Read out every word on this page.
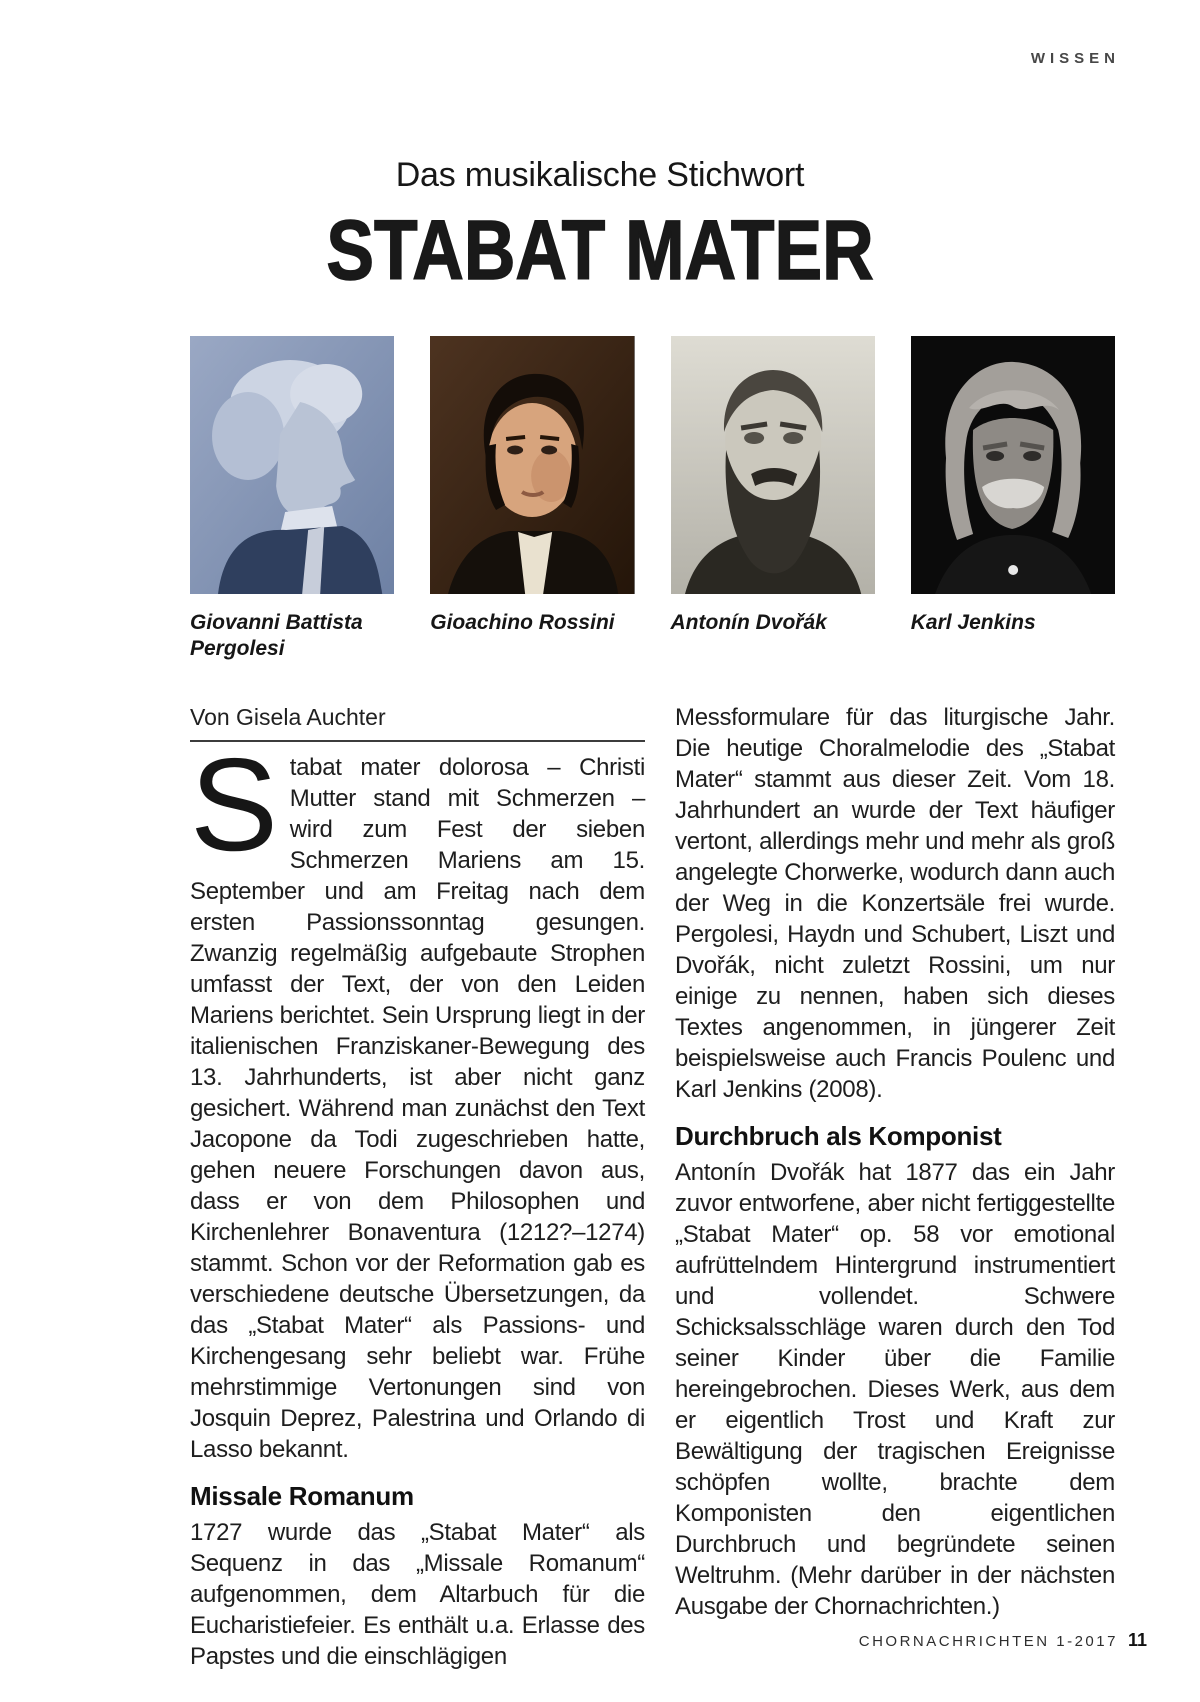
WISSEN
Das musikalische Stichwort
STABAT MATER
Giovanni Battista Pergolesi
Gioachino Rossini	Antonín Dvořák	Karl Jenkins
Von Gisela Auchter

Stabat mater dolorosa – Christi Mutter stand mit Schmerzen – wird zum Fest der sieben Schmerzen Mariens am 15. September und am Freitag nach dem ersten Passionssonntag gesungen. Zwanzig regelmäßig aufgebaute Strophen umfasst der Text, der von den Leiden Mariens berichtet. Sein Ursprung liegt in der italienischen Franziskaner-Bewegung des 13. Jahrhunderts, ist aber nicht ganz gesichert. Während man zunächst den Text Jacopone da Todi zugeschrieben hatte, gehen neuere Forschungen davon aus, dass er von dem Philosophen und Kirchenlehrer Bonaventura (1212?–1274) stammt. Schon vor der Reformation gab es verschiedene deutsche Übersetzungen, da das „Stabat Mater“ als Passions- und Kirchengesang sehr beliebt war. Frühe mehrstimmige Vertonungen sind von Josquin Deprez, Palestrina und Orlando di Lasso bekannt.

Missale Romanum

1727 wurde das „Stabat Mater“ als Sequenz in das „Missale Romanum“ aufgenommen, dem Altarbuch für die Eucharistiefeier. Es enthält u.a. Erlasse des Papstes und die einschlägigen

Messformulare für das liturgische Jahr. Die heutige Choralmelodie des „Stabat Mater“ stammt aus dieser Zeit. Vom 18. Jahrhundert an wurde der Text häufiger vertont, allerdings mehr und mehr als groß angelegte Chorwerke, wodurch dann auch der Weg in die Konzertsäle frei wurde. Pergolesi, Haydn und Schubert, Liszt und Dvořák, nicht zuletzt Rossini, um nur einige zu nennen, haben sich dieses Textes angenommen, in jüngerer Zeit beispielsweise auch Francis Poulenc und Karl Jenkins (2008).

Durchbruch als Komponist

Antonín Dvořák hat 1877 das ein Jahr zuvor entworfene, aber nicht fertiggestellte „Stabat Mater“ op. 58 vor emotional aufrüttelndem Hintergrund instrumentiert und vollendet. Schwere Schicksalsschläge waren durch den Tod seiner Kinder über die Familie hereingebrochen. Dieses Werk, aus dem er eigentlich Trost und Kraft zur Bewältigung der tragischen Ereignisse schöpfen wollte, brachte dem Komponisten den eigentlichen Durchbruch und begründete seinen Weltruhm. (Mehr darüber in der nächsten Ausgabe der Chornachrichten.)

CHORNACHRICHTEN 1-2017 11
